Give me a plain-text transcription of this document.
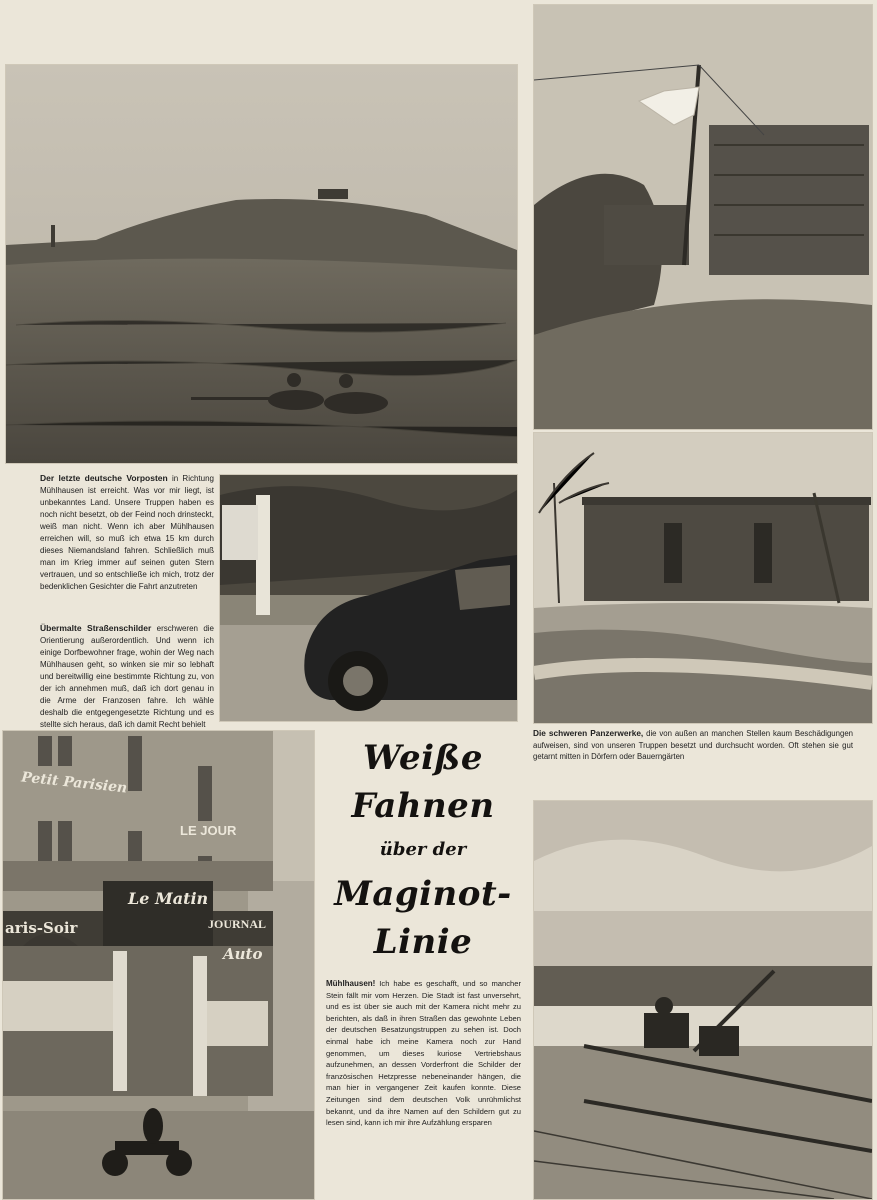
Der letzte deutsche Vorposten in Richtung Mühlhausen ist erreicht. Was vor mir liegt, ist unbekanntes Land. Unsere Truppen haben es noch nicht besetzt, ob der Feind noch drinsteckt, weiß man nicht. Wenn ich aber Mühlhausen erreichen will, so muß ich etwa 15 km durch dieses Niemandsland fahren. Schließlich muß man im Krieg immer auf seinen guten Stern vertrauen, und so entschließe ich mich, trotz der bedenklichen Gesichter die Fahrt anzutreten

Übermalte Straßenschilder erschweren die Orientierung außerordentlich. Und wenn ich einige Dorfbewohner frage, wohin der Weg nach Mühlhausen geht, so winken sie mir so lebhaft und bereitwillig eine bestimmte Richtung zu, von der ich annehmen muß, daß ich dort genau in die Arme der Franzosen fahre. Ich wähle deshalb die entgegengesetzte Richtung und es stellte sich heraus, daß ich damit Recht behielt

Die schweren Panzerwerke, die von außen an manchen Stellen kaum Beschädigungen aufweisen, sind von unseren Truppen besetzt und durchsucht worden. Oft stehen sie gut getarnt mitten in Dörfern oder Bauerngärten

Petit Parisien
LE JOUR
Le Matin
JOURNAL
aris-Soir
Auto
Weiße
Fahnen
über der
Maginot-
Linie

Mühlhausen! Ich habe es geschafft, und so mancher Stein fällt mir vom Herzen. Die Stadt ist fast unversehrt, und es ist über sie auch mit der Kamera nicht mehr zu berichten, als daß in ihren Straßen das gewohnte Leben der deutschen Besatzungstruppen zu sehen ist. Doch einmal habe ich meine Kamera noch zur Hand genommen, um dieses kuriose Vertriebshaus aufzunehmen, an dessen Vorderfront die Schilder der französischen Hetzpresse nebeneinander hängen, die man hier in vergangener Zeit kaufen konnte. Diese Zeitungen sind dem deutschen Volk unrühmlichst bekannt, und da ihre Namen auf den Schildern gut zu lesen sind, kann ich mir ihre Aufzählung ersparen
